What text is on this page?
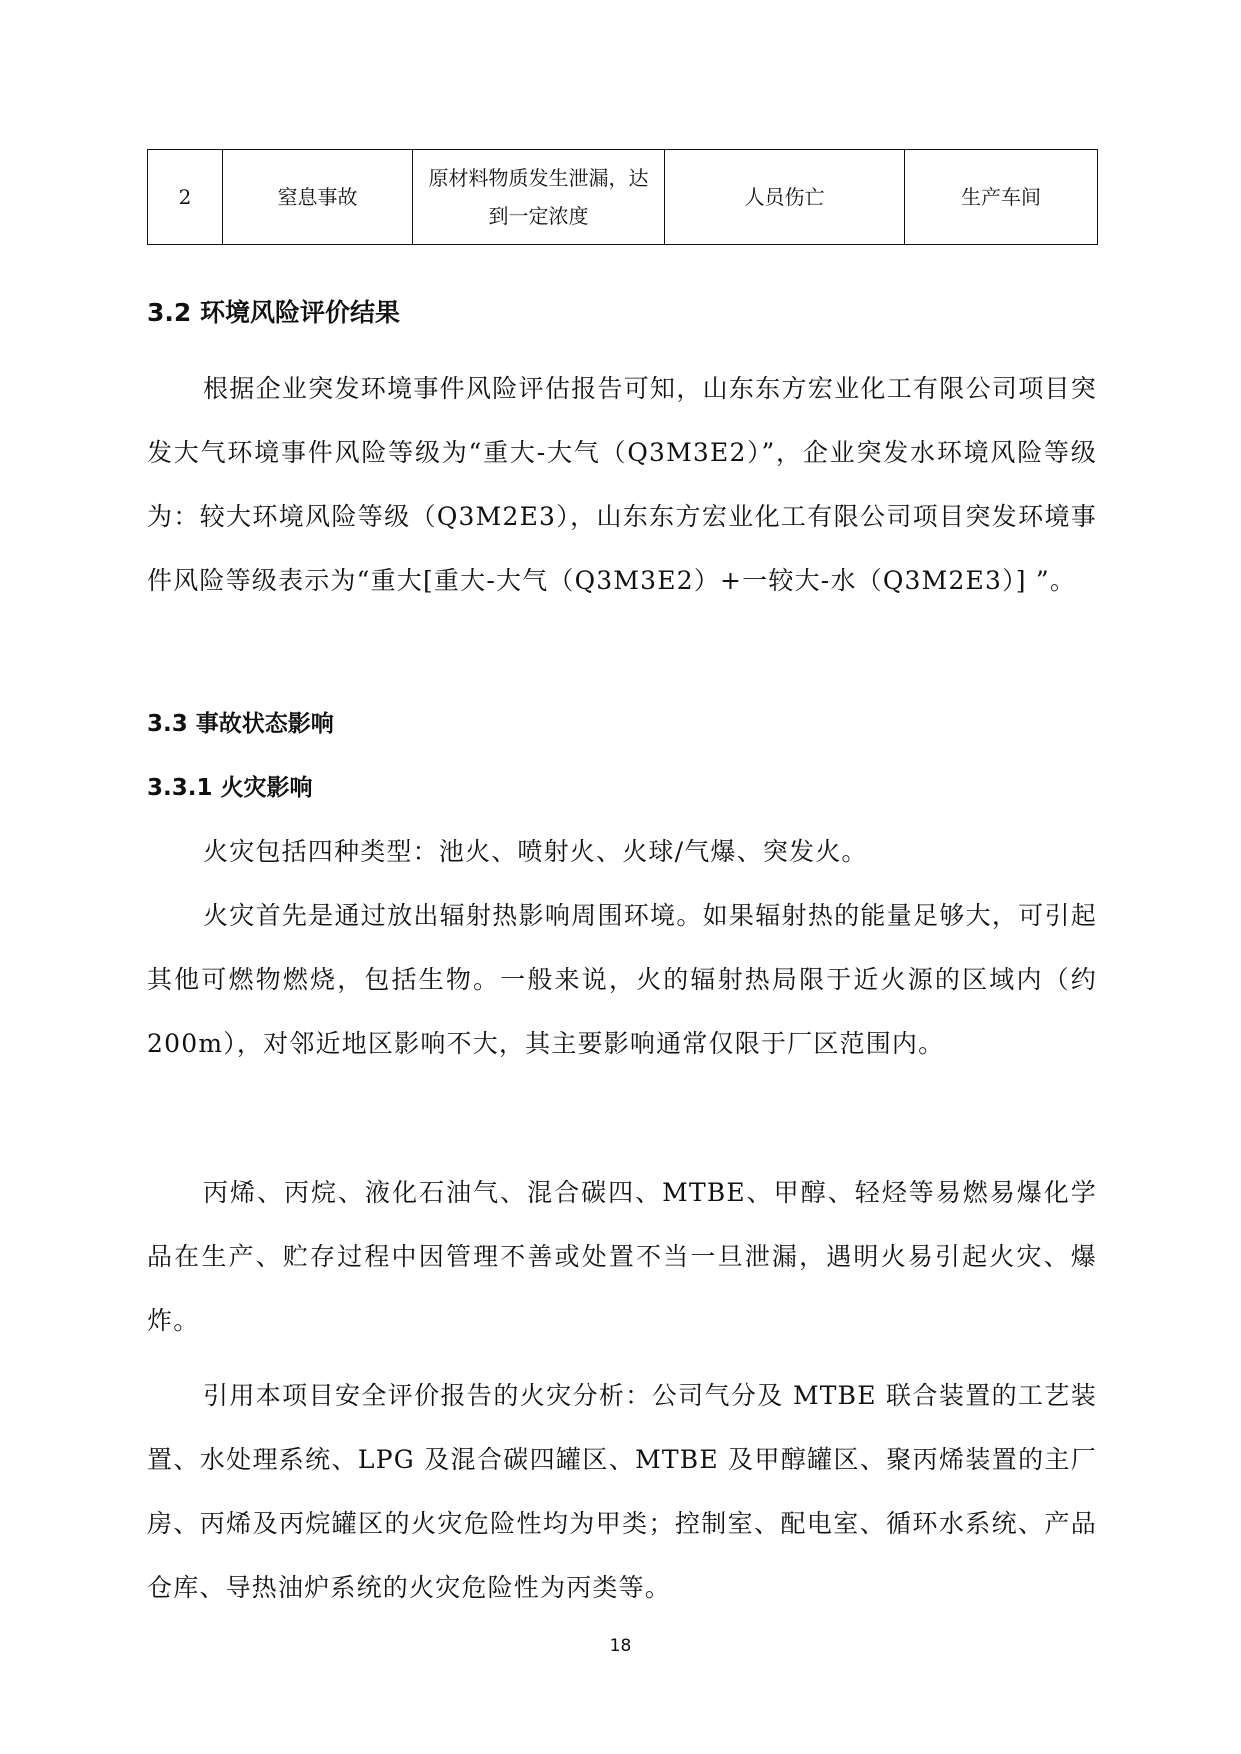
2	窒息事故	原材料物质发生泄漏，达到一定浓度	人员伤亡	生产车间
3.2 环境风险评价结果

根据企业突发环境事件风险评估报告可知，山东东方宏业化工有限公司项目突发大气环境事件风险等级为“重大-大气（Q3M3E2）”，企业突发水环境风险等级为：较大环境风险等级（Q3M2E3），山东东方宏业化工有限公司项目突发环境事件风险等级表示为“重大[重大-大气（Q3M3E2）+一较大-水（Q3M2E3）] ”。

3.3 事故状态影响
3.3.1 火灾影响

火灾包括四种类型：池火、喷射火、火球/气爆、突发火。

火灾首先是通过放出辐射热影响周围环境。如果辐射热的能量足够大，可引起其他可燃物燃烧，包括生物。一般来说，火的辐射热局限于近火源的区域内（约 200m），对邻近地区影响不大，其主要影响通常仅限于厂区范围内。

丙烯、丙烷、液化石油气、混合碳四、MTBE、甲醇、轻烃等易燃易爆化学品在生产、贮存过程中因管理不善或处置不当一旦泄漏，遇明火易引起火灾、爆炸。

引用本项目安全评价报告的火灾分析：公司气分及 MTBE 联合装置的工艺装置、水处理系统、LPG 及混合碳四罐区、MTBE 及甲醇罐区、聚丙烯装置的主厂房、丙烯及丙烷罐区的火灾危险性均为甲类；控制室、配电室、循环水系统、产品仓库、导热油炉系统的火灾危险性为丙类等。

18
